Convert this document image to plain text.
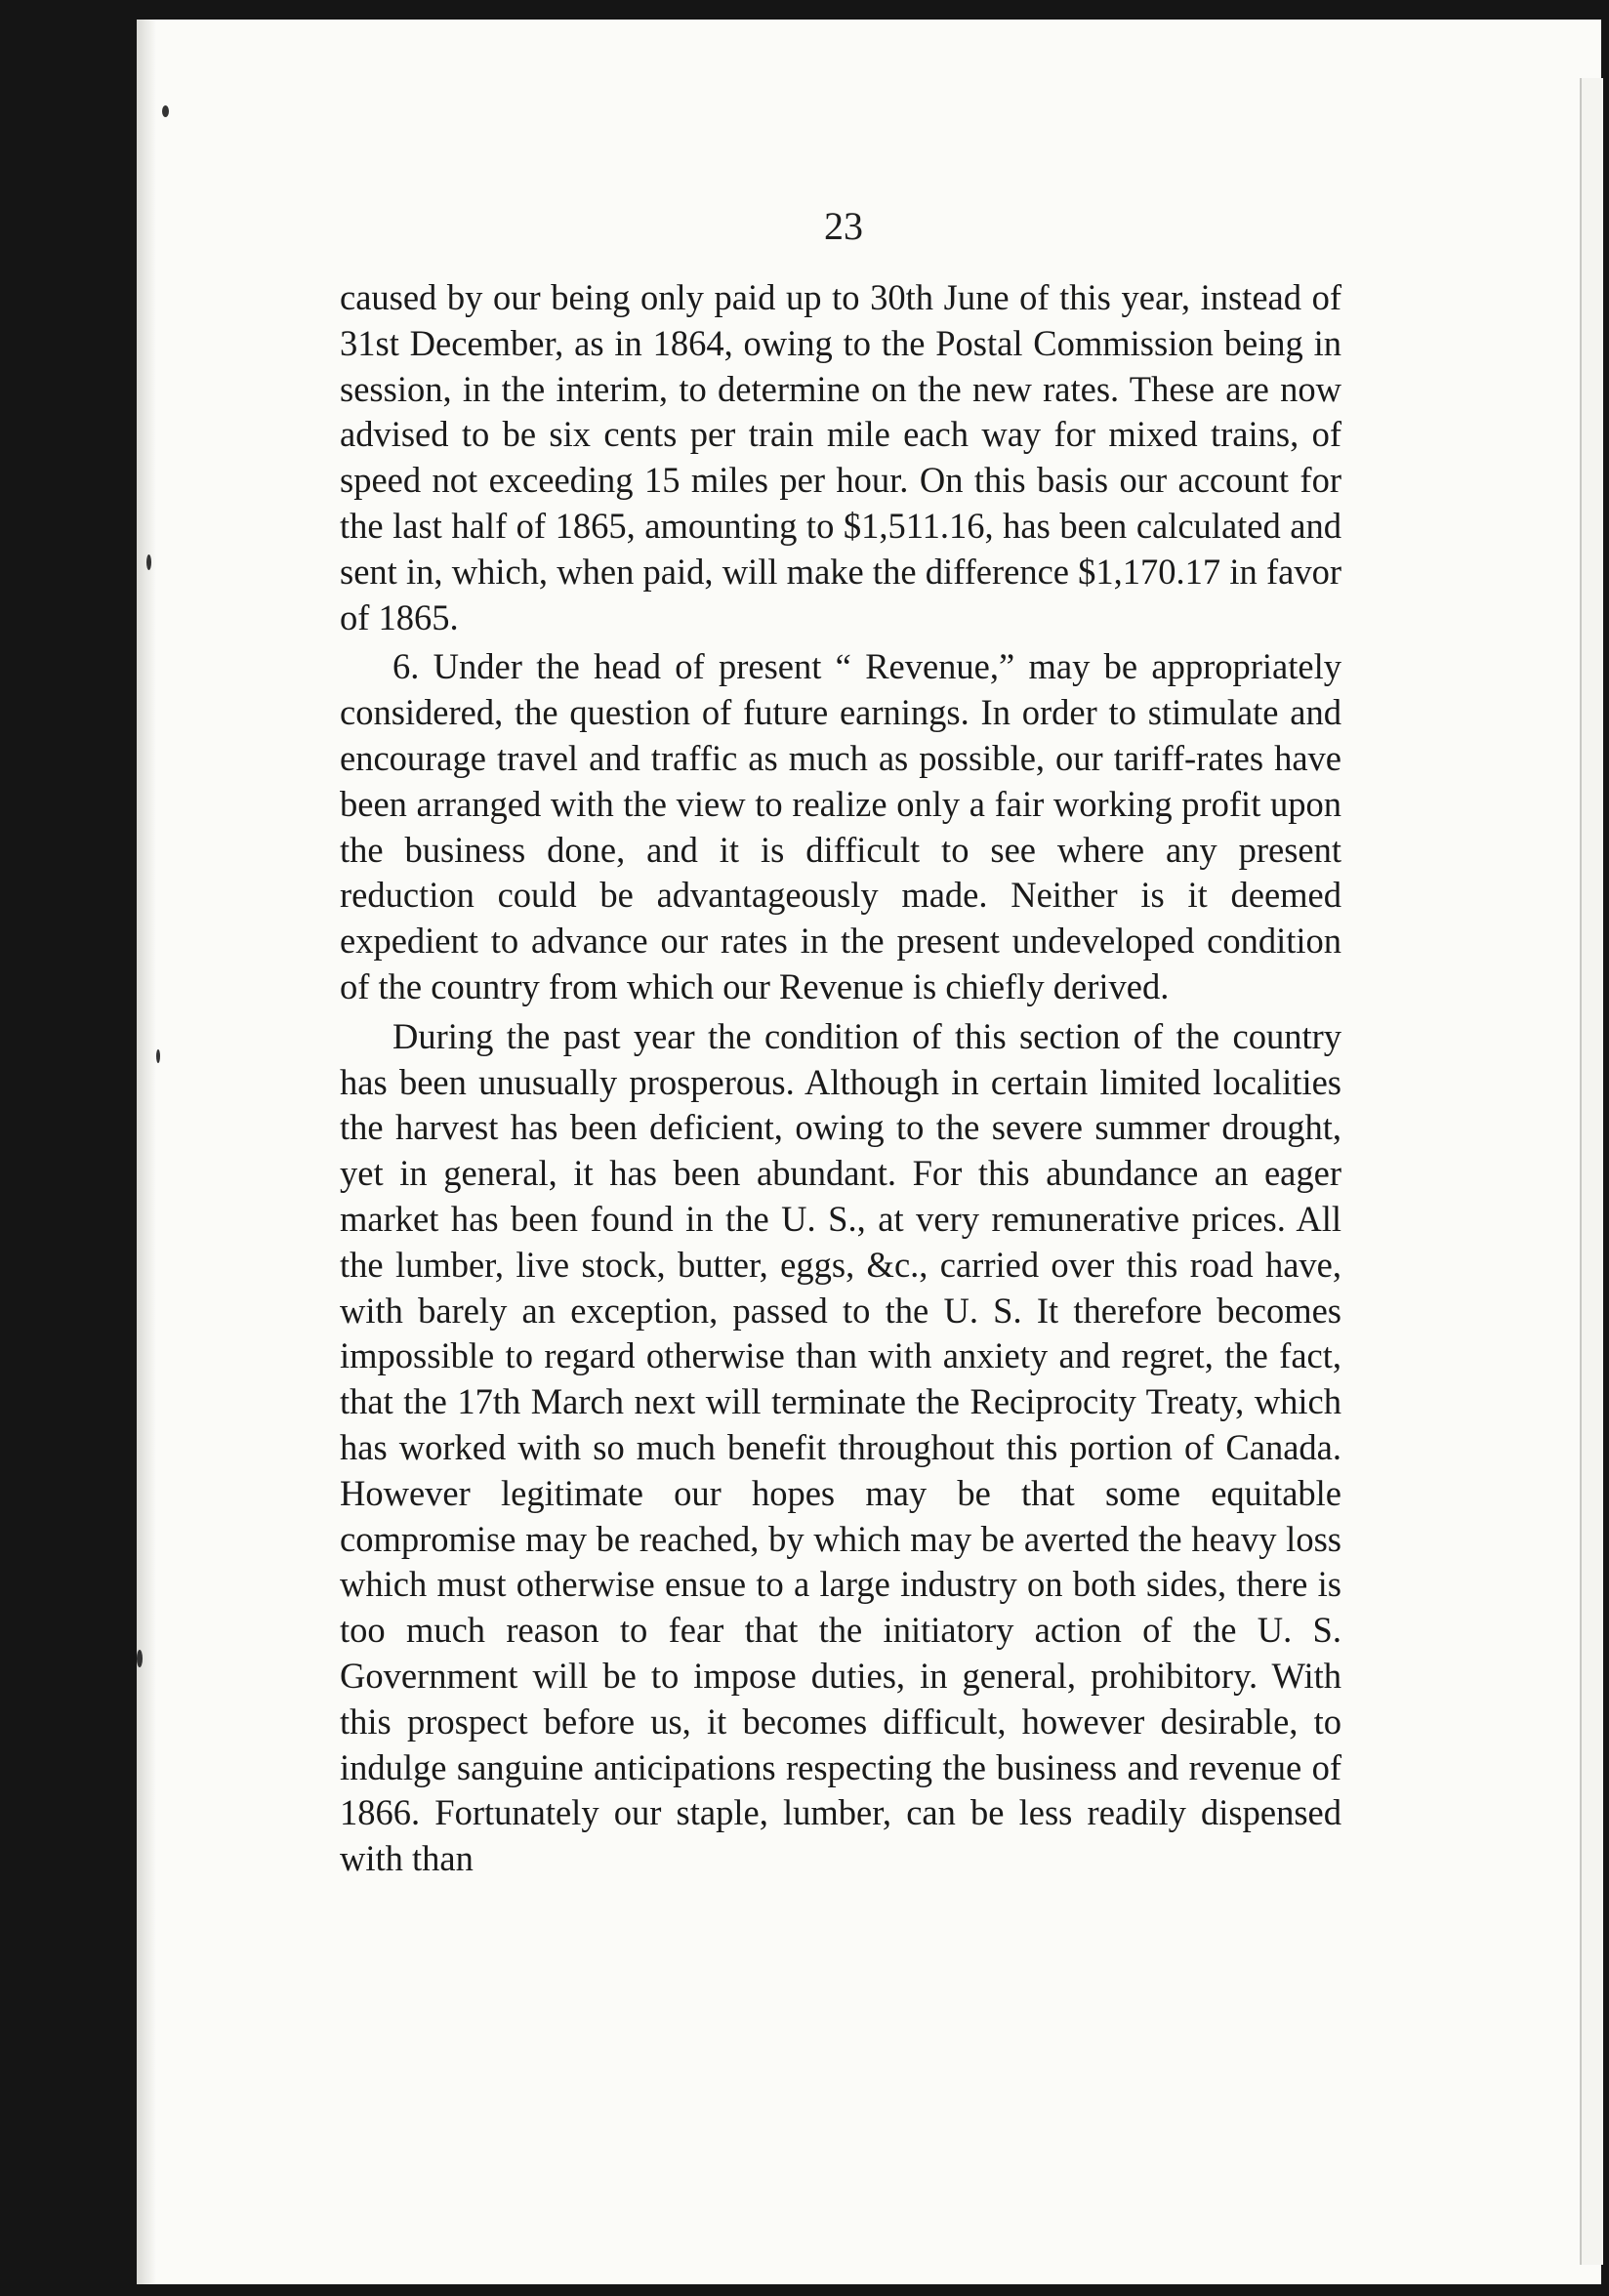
23

caused by our being only paid up to 30th June of this year, instead of 31st December, as in 1864, owing to the Postal Commission being in session, in the interim, to determine on the new rates. These are now advised to be six cents per train mile each way for mixed trains, of speed not exceeding 15 miles per hour. On this basis our account for the last half of 1865, amounting to $1,511.16, has been calculated and sent in, which, when paid, will make the difference $1,170.17 in favor of 1865.

6. Under the head of present “ Revenue,” may be appropriately considered, the question of future earnings. In order to stimulate and encourage travel and traffic as much as possible, our tariff-rates have been arranged with the view to realize only a fair working profit upon the business done, and it is difficult to see where any present reduction could be advantageously made. Neither is it deemed expedient to advance our rates in the present undeveloped condition of the country from which our Revenue is chiefly derived.

During the past year the condition of this section of the country has been unusually prosperous. Although in certain limited localities the harvest has been deficient, owing to the severe summer drought, yet in general, it has been abundant. For this abundance an eager market has been found in the U. S., at very remunerative prices. All the lumber, live stock, butter, eggs, &c., carried over this road have, with barely an exception, passed to the U. S. It therefore becomes impossible to regard otherwise than with anxiety and regret, the fact, that the 17th March next will terminate the Reciprocity Treaty, which has worked with so much benefit throughout this portion of Canada. However legitimate our hopes may be that some equitable compromise may be reached, by which may be averted the heavy loss which must otherwise ensue to a large industry on both sides, there is too much reason to fear that the initiatory action of the U. S. Government will be to impose duties, in general, prohibitory. With this prospect before us, it becomes difficult, however desirable, to indulge sanguine anticipations respecting the business and revenue of 1866. Fortunately our staple, lumber, can be less readily dispensed with than
